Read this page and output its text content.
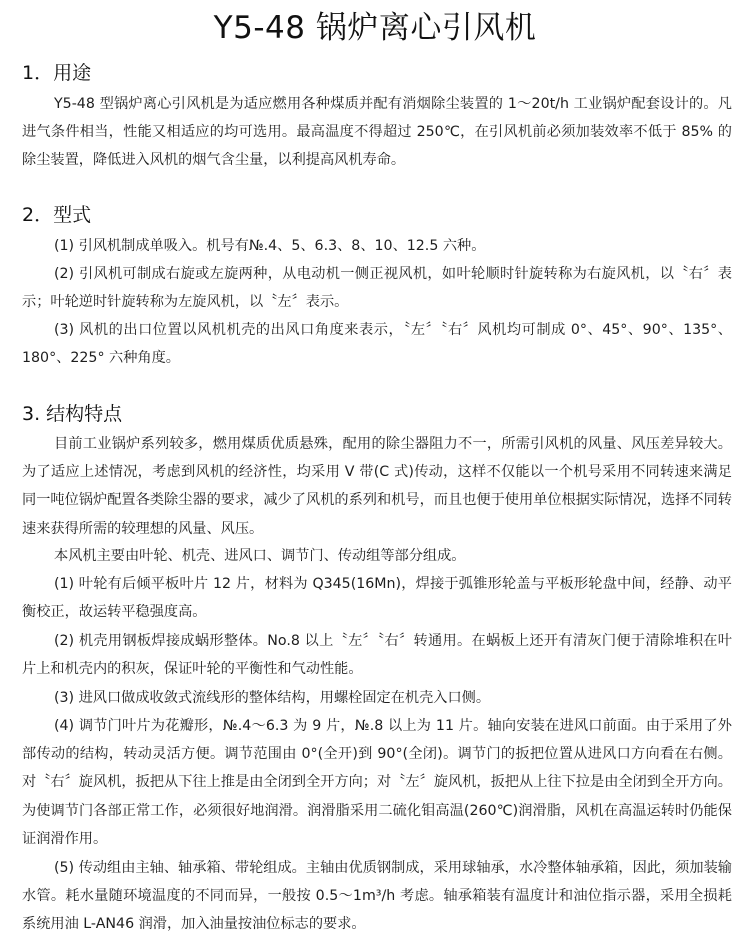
Y5-48 锅炉离心引风机
1．用途
Y5-48 型锅炉离心引风机是为适应燃用各种煤质并配有消烟除尘装置的 1～20t/h 工业锅炉配套设计的。凡进气条件相当，性能又相适应的均可选用。最高温度不得超过 250℃，在引风机前必须加装效率不低于 85% 的除尘装置，降低进入风机的烟气含尘量，以利提高风机寿命。
2．型式
(1) 引风机制成单吸入。机号有№.4、5、6.3、8、10、12.5 六种。
(2) 引风机可制成右旋或左旋两种，从电动机一侧正视风机，如叶轮顺时针旋转称为右旋风机，以〝右〞表示；叶轮逆时针旋转称为左旋风机，以〝左〞表示。
(3) 风机的出口位置以风机机壳的出风口角度来表示，〝左〞〝右〞风机均可制成 0°、45°、90°、135°、180°、225° 六种角度。
3. 结构特点
目前工业锅炉系列较多，燃用煤质优质悬殊，配用的除尘器阻力不一，所需引风机的风量、风压差异较大。为了适应上述情况，考虑到风机的经济性，均采用 V 带(C 式)传动，这样不仅能以一个机号采用不同转速来满足同一吨位锅炉配置各类除尘器的要求，减少了风机的系列和机号，而且也便于使用单位根据实际情况，选择不同转速来获得所需的较理想的风量、风压。
本风机主要由叶轮、机壳、进风口、调节门、传动组等部分组成。
(1) 叶轮有后倾平板叶片 12 片，材料为 Q345(16Mn)，焊接于弧锥形轮盖与平板形轮盘中间，经静、动平衡校正，故运转平稳强度高。
(2) 机壳用钢板焊接成蜗形整体。No.8 以上〝左〞〝右〞转通用。在蜗板上还开有清灰门便于清除堆积在叶片上和机壳内的积灰，保证叶轮的平衡性和气动性能。
(3) 进风口做成收敛式流线形的整体结构，用螺栓固定在机壳入口侧。
(4) 调节门叶片为花瓣形，№.4～6.3 为 9 片，№.8 以上为 11 片。轴向安装在进风口前面。由于采用了外部传动的结构，转动灵活方便。调节范围由 0°(全开)到 90°(全闭)。调节门的扳把位置从进风口方向看在右侧。对〝右〞旋风机，扳把从下往上推是由全闭到全开方向；对〝左〞旋风机，扳把从上往下拉是由全闭到全开方向。为使调节门各部正常工作，必须很好地润滑。润滑脂采用二硫化钼高温(260℃)润滑脂，风机在高温运转时仍能保证润滑作用。
(5) 传动组由主轴、轴承箱、带轮组成。主轴由优质钢制成，采用球轴承，水冷整体轴承箱，因此，须加装输水管。耗水量随环境温度的不同而异，一般按 0.5～1m³/h 考虑。轴承箱装有温度计和油位指示器，采用全损耗系统用油 L-AN46 润滑，加入油量按油位标志的要求。
